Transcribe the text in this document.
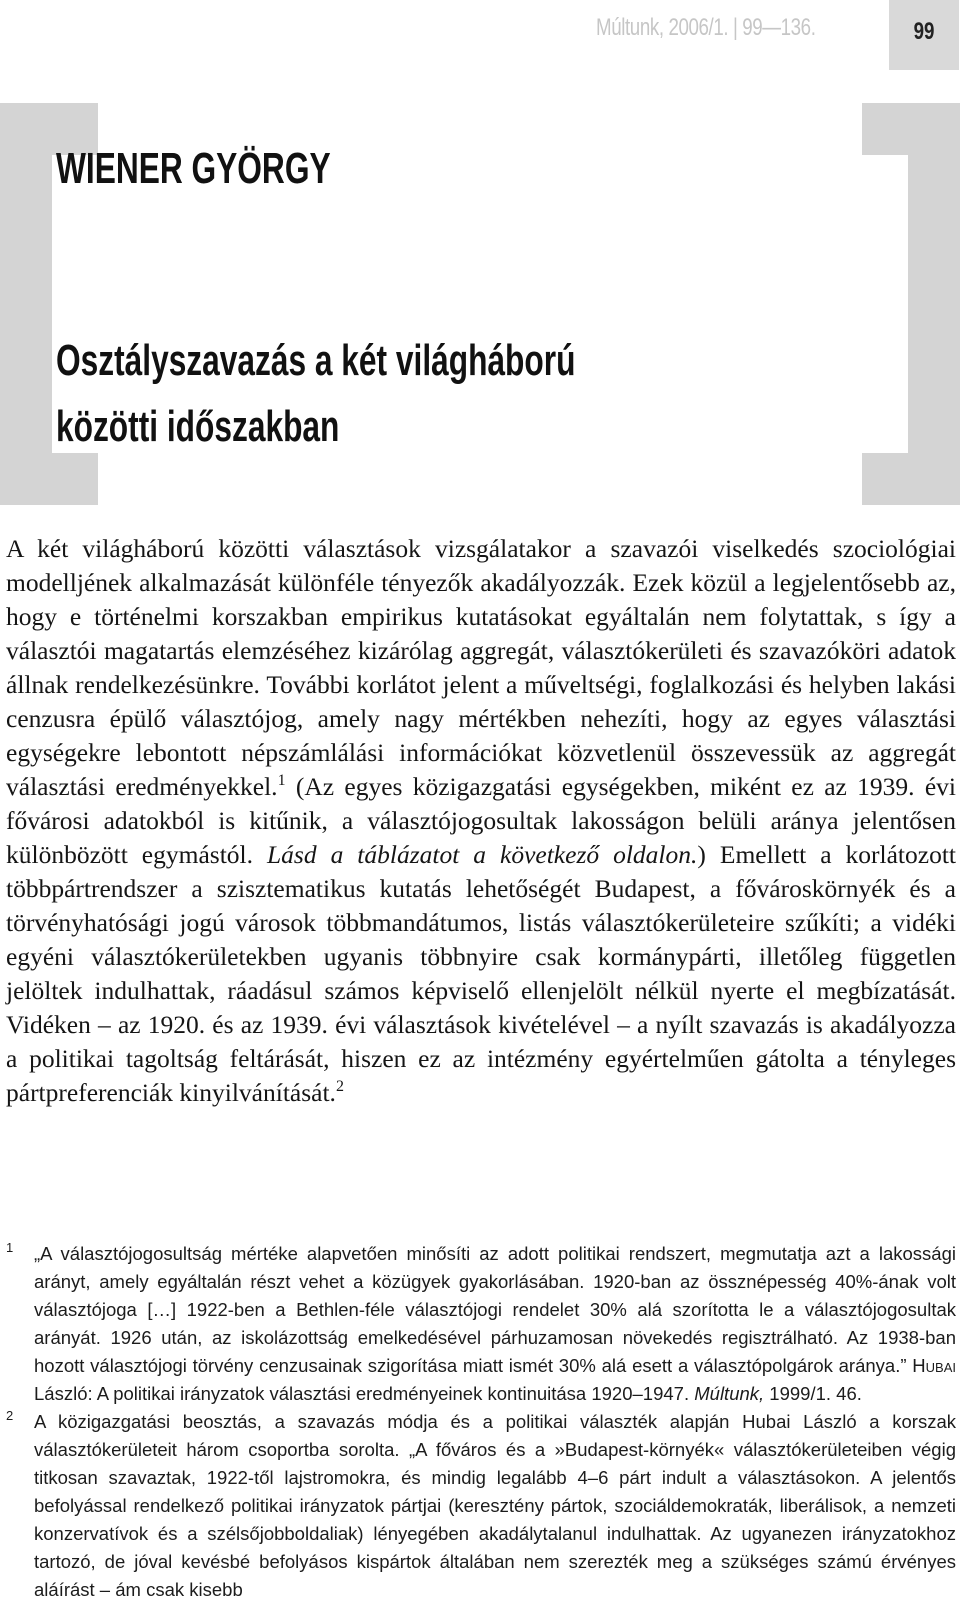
Múltunk, 2006/1. | 99—136.	99
WIENER GYÖRGY
Osztályszavazás a két világháború
közötti időszakban
A két világháború közötti választások vizsgálatakor a szavazói viselkedés szociológiai modelljének alkalmazását különféle tényezők akadályozzák. Ezek közül a legjelentősebb az, hogy e történelmi korszakban empirikus kutatásokat egyáltalán nem folytattak, s így a választói magatartás elemzéséhez kizárólag aggregát, választókerületi és szavazóköri adatok állnak rendelkezésünkre. További korlátot jelent a műveltségi, foglalkozási és helyben lakási cenzusra épülő választójog, amely nagy mértékben nehezíti, hogy az egyes választási egységekre lebontott népszámlálási információkat közvetlenül összevessük az aggregát választási eredményekkel.$^1$ (Az egyes közigazgatási egységekben, miként ez az 1939. évi fővárosi adatokból is kitűnik, a választójogosultak lakosságon belüli aránya jelentősen különbözött egymástól. Lásd a táblázatot a következő oldalon.) Emellett a korlátozott többpártrendszer a szisztematikus kutatás lehetőségét Budapest, a fővároskörnyék és a törvényhatósági jogú városok többmandátumos, listás választókerületeire szűkíti; a vidéki egyéni választókerületekben ugyanis többnyire csak kormánypárti, illetőleg független jelöltek indulhattak, ráadásul számos képviselő ellenjelölt nélkül nyerte el megbízatását. Vidéken – az 1920. és az 1939. évi választások kivételével – a nyílt szavazás is akadályozza a politikai tagoltság feltárását, hiszen ez az intézmény egyértelműen gátolta a tényleges pártpreferenciák kinyilvánítását.$^2$
1 „A választójogosultság mértéke alapvetően minősíti az adott politikai rendszert, megmutatja azt a lakossági arányt, amely egyáltalán részt vehet a közügyek gyakorlásában. 1920-ban az össznépesség 40%-ának volt választójoga […] 1922-ben a Bethlen-féle választójogi rendelet 30% alá szorította le a választójogosultak arányát. 1926 után, az iskolázottság emelkedésével párhuzamosan növekedés regisztrálható. Az 1938-ban hozott választójogi törvény cenzusainak szigorítása miatt ismét 30% alá esett a választópolgárok aránya.” Hubai László: A politikai irányzatok választási eredményeinek kontinuitása 1920–1947. Múltunk, 1999/1. 46.
2 A közigazgatási beosztás, a szavazás módja és a politikai választék alapján Hubai László a korszak választókerületeit három csoportba sorolta. „A főváros és a »Budapest-környék« választókerületeiben végig titkosan szavaztak, 1922-től lajstromokra, és mindig legalább 4–6 párt indult a választásokon. A jelentős befolyással rendelkező politikai irányzatok pártjai (keresztény pártok, szociáldemokraták, liberálisok, a nemzeti konzervatívok és a szélsőjobboldaliak) lényegében akadálytalanul indulhattak. Az ugyanezen irányzatokhoz tartozó, de jóval kevésbé befolyásos kispártok általában nem szerezték meg a szükséges számú érvényes aláírást – ám csak kisebb
